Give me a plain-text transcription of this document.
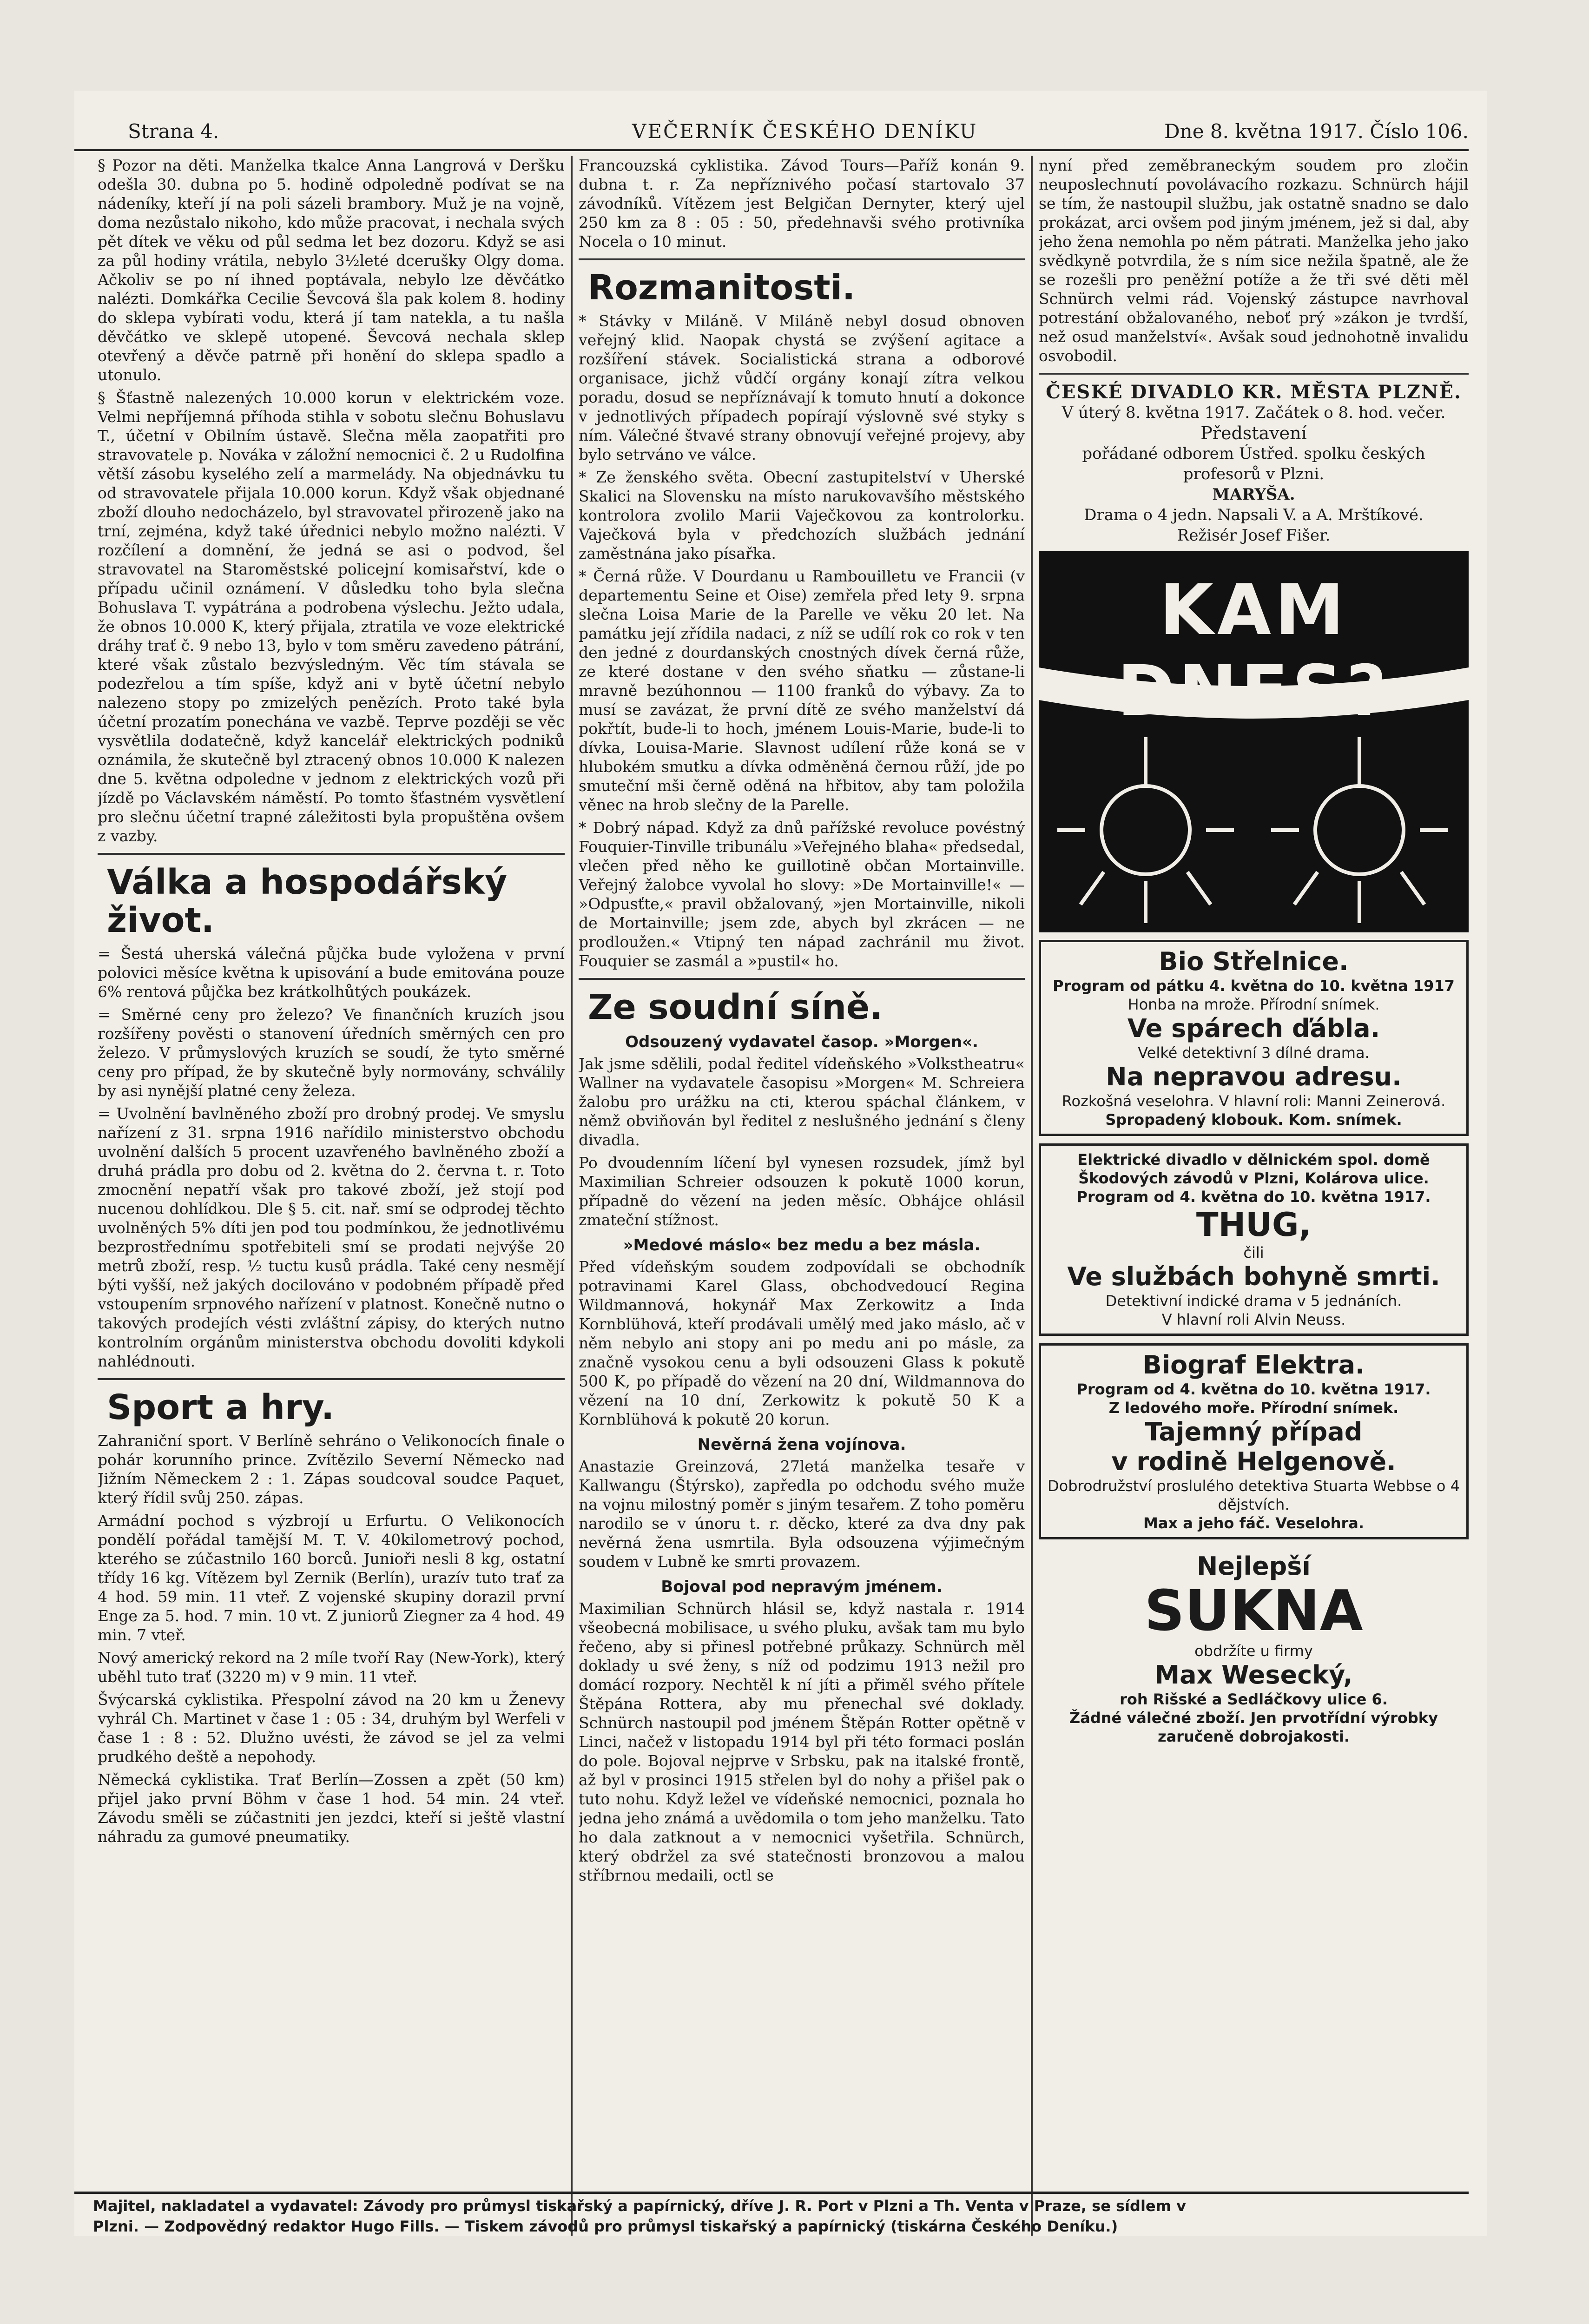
Strana 4.	VEČERNÍK ČESKÉHO DENÍKU	Dne 8. května 1917. Číslo 106.

§ Pozor na děti. Manželka tkalce Anna Langrová v Deršku odešla 30. dubna po 5. hodině odpoledně podívat se na nádeníky, kteří jí na poli sázeli brambory. Muž je na vojně, doma nezůstalo nikoho, kdo může pracovat, i nechala svých pět dítek ve věku od půl sedma let bez dozoru. Když se asi za půl hodiny vrátila, nebylo 3½leté dcerušky Olgy doma. Ačkoliv se po ní ihned poptávala, nebylo lze děvčátko nalézti. Domkářka Cecilie Ševcová šla pak kolem 8. hodiny do sklepa vybírati vodu, která jí tam natekla, a tu našla děvčátko ve sklepě utopené. Ševcová nechala sklep otevřený a děvče patrně při honění do sklepa spadlo a utonulo.

§ Šťastně nalezených 10.000 korun v elektrickém voze. Velmi nepříjemná příhoda stihla v sobotu slečnu Bohuslavu T., účetní v Obilním ústavě. Slečna měla zaopatřiti pro stravovatele p. Nováka v záložní nemocnici č. 2 u Rudolfina větší zásobu kyselého zelí a marmelády. Na objednávku tu od stravovatele přijala 10.000 korun. Když však objednané zboží dlouho nedocházelo, byl stravovatel přirozeně jako na trní, zejména, když také úřednici nebylo možno nalézti. V rozčílení a domnění, že jedná se asi o podvod, šel stravovatel na Staroměstské policejní komisařství, kde o případu učinil oznámení. V důsledku toho byla slečna Bohuslava T. vypátrána a podrobena výslechu. Ježto udala, že obnos 10.000 K, který přijala, ztratila ve voze elektrické dráhy trať č. 9 nebo 13, bylo v tom směru zavedeno pátrání, které však zůstalo bezvýsledným. Věc tím stávala se podezřelou a tím spíše, když ani v bytě účetní nebylo nalezeno stopy po zmizelých penězích. Proto také byla účetní prozatím ponechána ve vazbě. Teprve později se věc vysvětlila dodatečně, když kancelář elektrických podniků oznámila, že skutečně byl ztracený obnos 10.000 K nalezen dne 5. května odpoledne v jednom z elektrických vozů při jízdě po Václavském náměstí. Po tomto šťastném vysvětlení pro slečnu účetní trapné záležitosti byla propuštěna ovšem z vazby.

Válka a hospodářský život.

= Šestá uherská válečná půjčka bude vyložena v první polovici měsíce května k upisování a bude emitována pouze 6% rentová půjčka bez krátkolhůtých poukázek.

= Směrné ceny pro železo? Ve finančních kruzích jsou rozšířeny pověsti o stanovení úředních směrných cen pro železo. V průmyslových kruzích se soudí, že tyto směrné ceny pro případ, že by skutečně byly normovány, schválily by asi nynější platné ceny železa.

= Uvolnění bavlněného zboží pro drobný prodej. Ve smyslu nařízení z 31. srpna 1916 nařídilo ministerstvo obchodu uvolnění dalších 5 procent uzavřeného bavlněného zboží a druhá prádla pro dobu od 2. května do 2. června t. r. Toto zmocnění nepatří však pro takové zboží, jež stojí pod nucenou dohlídkou. Dle § 5. cit. nař. smí se odprodej těchto uvolněných 5% díti jen pod tou podmínkou, že jednotlivému bezprostřednímu spotřebiteli smí se prodati nejvýše 20 metrů zboží, resp. ½ tuctu kusů prádla. Také ceny nesmějí býti vyšší, než jakých docilováno v podobném případě před vstoupením srpnového nařízení v platnost. Konečně nutno o takových prodejích vésti zvláštní zápisy, do kterých nutno kontrolním orgánům ministerstva obchodu dovoliti kdykoli nahlédnouti.

Sport a hry.

Zahraniční sport. V Berlíně sehráno o Velikonocích finale o pohár korunního prince. Zvítězilo Severní Německo nad Jižním Německem 2 : 1. Zápas soudcoval soudce Paquet, který řídil svůj 250. zápas.

Armádní pochod s výzbrojí u Erfurtu. O Velikonocích pondělí pořádal tamější M. T. V. 40kilometrový pochod, kterého se zúčastnilo 160 borců. Junioři nesli 8 kg, ostatní třídy 16 kg. Vítězem byl Zernik (Berlín), urazív tuto trať za 4 hod. 59 min. 11 vteř. Z vojenské skupiny dorazil první Enge za 5. hod. 7 min. 10 vt. Z juniorů Ziegner za 4 hod. 49 min. 7 vteř.

Nový americký rekord na 2 míle tvoří Ray (New-York), který uběhl tuto trať (3220 m) v 9 min. 11 vteř.

Švýcarská cyklistika. Přespolní závod na 20 km u Ženevy vyhrál Ch. Martinet v čase 1 : 05 : 34, druhým byl Werfeli v čase 1 : 8 : 52. Dlužno uvésti, že závod se jel za velmi prudkého deště a nepohody.

Německá cyklistika. Trať Berlín—Zossen a zpět (50 km) přijel jako první Böhm v čase 1 hod. 54 min. 24 vteř. Závodu směli se zúčastniti jen jezdci, kteří si ještě vlastní náhradu za gumové pneumatiky.

Francouzská cyklistika. Závod Tours—Paříž konán 9. dubna t. r. Za nepříznivého počasí startovalo 37 závodníků. Vítězem jest Belgičan Dernyter, který ujel 250 km za 8 : 05 : 50, předehnavši svého protivníka Nocela o 10 minut.

Rozmanitosti.

* Stávky v Miláně. V Miláně nebyl dosud obnoven veřejný klid. Naopak chystá se zvýšení agitace a rozšíření stávek. Socialistická strana a odborové organisace, jichž vůdčí orgány konají zítra velkou poradu, dosud se nepříznávají k tomuto hnutí a dokonce v jednotlivých případech popírají výslovně své styky s ním. Válečné štvavé strany obnovují veřejné projevy, aby bylo setrváno ve válce.

* Ze ženského světa. Obecní zastupitelství v Uherské Skalici na Slovensku na místo narukovavšího městského kontrolora zvolilo Marii Vaječkovou za kontrolorku. Vaječková byla v předchozích službách jednání zaměstnána jako písařka.

* Černá růže. V Dourdanu u Rambouilletu ve Francii (v departementu Seine et Oise) zemřela před lety 9. srpna slečna Loisa Marie de la Parelle ve věku 20 let. Na památku její zřídila nadaci, z níž se udílí rok co rok v ten den jedné z dourdanských cnostných dívek černá růže, ze které dostane v den svého sňatku — zůstane-li mravně bezúhonnou — 1100 franků do výbavy. Za to musí se zavázat, že první dítě ze svého manželství dá pokřtít, bude-li to hoch, jménem Louis-Marie, bude-li to dívka, Louisa-Marie. Slavnost udílení růže koná se v hlubokém smutku a dívka odměněná černou růží, jde po smuteční mši černě oděná na hřbitov, aby tam položila věnec na hrob slečny de la Parelle.

* Dobrý nápad. Když za dnů pařížské revoluce povéstný Fouquier-Tinville tribunálu »Veřejného blaha« předsedal, vlečen před něho ke guillotině občan Mortainville. Veřejný žalobce vyvolal ho slovy: »De Mortainville!« — »Odpusťte,« pravil obžalovaný, »jen Mortainville, nikoli de Mortainville; jsem zde, abych byl zkrácen — ne prodloužen.« Vtipný ten nápad zachránil mu život. Fouquier se zasmál a »pustil« ho.

Ze soudní síně.
Odsouzený vydavatel časop. »Morgen«.

Jak jsme sdělili, podal ředitel vídeňského »Volkstheatru« Wallner na vydavatele časopisu »Morgen« M. Schreiera žalobu pro urážku na cti, kterou spáchal článkem, v němž obviňován byl ředitel z neslušného jednání s členy divadla.

Po dvoudenním líčení byl vynesen rozsudek, jímž byl Maximilian Schreier odsouzen k pokutě 1000 korun, případně do vězení na jeden měsíc. Obhájce ohlásil zmateční stížnost.

»Medové máslo« bez medu a bez másla.

Před vídeňským soudem zodpovídali se obchodník potravinami Karel Glass, obchodvedoucí Regina Wildmannová, hokynář Max Zerkowitz a Inda Kornblühová, kteří prodávali umělý med jako máslo, ač v něm nebylo ani stopy ani po medu ani po másle, za značně vysokou cenu a byli odsouzeni Glass k pokutě 500 K, po případě do vězení na 20 dní, Wildmannova do vězení na 10 dní, Zerkowitz k pokutě 50 K a Kornblühová k pokutě 20 korun.

Nevěrná žena vojínova.

Anastazie Greinzová, 27letá manželka tesaře v Kallwangu (Štýrsko), zapředla po odchodu svého muže na vojnu milostný poměr s jiným tesařem. Z toho poměru narodilo se v únoru t. r. děcko, které za dva dny pak nevěrná žena usmrtila. Byla odsouzena výjimečným soudem v Lubně ke smrti provazem.

Bojoval pod nepravým jménem.

Maximilian Schnürch hlásil se, když nastala r. 1914 všeobecná mobilisace, u svého pluku, avšak tam mu bylo řečeno, aby si přinesl potřebné průkazy. Schnürch měl doklady u své ženy, s níž od podzimu 1913 nežil pro domácí rozpory. Nechtěl k ní jíti a přiměl svého přítele Štěpána Rottera, aby mu přenechal své doklady. Schnürch nastoupil pod jménem Štěpán Rotter opětně v Linci, načež v listopadu 1914 byl při této formaci poslán do pole. Bojoval nejprve v Srbsku, pak na italské frontě, až byl v prosinci 1915 střelen byl do nohy a přišel pak o tuto nohu. Když ležel ve vídeňské nemocnici, poznala ho jedna jeho známá a uvědomila o tom jeho manželku. Tato ho dala zatknout a v nemocnici vyšetřila. Schnürch, který obdržel za své statečnosti bronzovou a malou stříbrnou medaili, octl se

nyní před zeměbraneckým soudem pro zločin neuposlechnutí povolávacího rozkazu. Schnürch hájil se tím, že nastoupil službu, jak ostatně snadno se dalo prokázat, arci ovšem pod jiným jménem, jež si dal, aby jeho žena nemohla po něm pátrati. Manželka jeho jako svědkyně potvrdila, že s ním sice nežila špatně, ale že se rozešli pro peněžní potíže a že tři své děti měl Schnürch velmi rád. Vojenský zástupce navrhoval potrestání obžalovaného, neboť prý »zákon je tvrdší, než osud manželství«. Avšak soud jednohotně invalidu osvobodil.

ČESKÉ DIVADLO KR. MĚSTA PLZNĚ.
V úterý 8. května 1917. Začátek o 8. hod. večer.
Představení
pořádané odborem Ústřed. spolku českých
profesorů v Plzni.
MARYŠA.
Drama o 4 jedn. Napsali V. a A. Mrštíkové.
Režisér Josef Fišer.
KAM DNES?
Bio Střelnice.
Program od pátku 4. května do 10. května 1917
Honba na mrože. Přírodní snímek.
Ve spárech ďábla.
Velké detektivní 3 dílné drama.
Na nepravou adresu.
Rozkošná veselohra. V hlavní roli: Manni Zeinerová.
Spropadený klobouk. Kom. snímek.
Elektrické divadlo v dělnickém spol. domě Škodových závodů v Plzni, Kolárova ulice.
Program od 4. května do 10. května 1917.
THUG,
čili
Ve službách bohyně smrti.
Detektivní indické drama v 5 jednáních.
V hlavní roli Alvin Neuss.
Biograf Elektra.
Program od 4. května do 10. května 1917.
Z ledového moře. Přírodní snímek.
Tajemný případ
v rodině Helgenově.
Dobrodružství proslulého detektiva Stuarta Webbse o 4 dějstvích.
Max a jeho fáč. Veselohra.
Nejlepší
SUKNA
obdržíte u firmy
Max Wesecký,
roh Rišské a Sedláčkovy ulice 6.
Žádné válečné zboží. Jen prvotřídní výrobky zaručeně dobrojakosti.
Majitel, nakladatel a vydavatel: Závody pro průmysl tiskařský a papírnický, dříve J. R. Port v Plzni a Th. Venta v Praze, se sídlem v
Plzni. — Zodpovědný redaktor Hugo Fills. — Tiskem závodů pro průmysl tiskařský a papírnický (tiskárna Českého Deníku.)
